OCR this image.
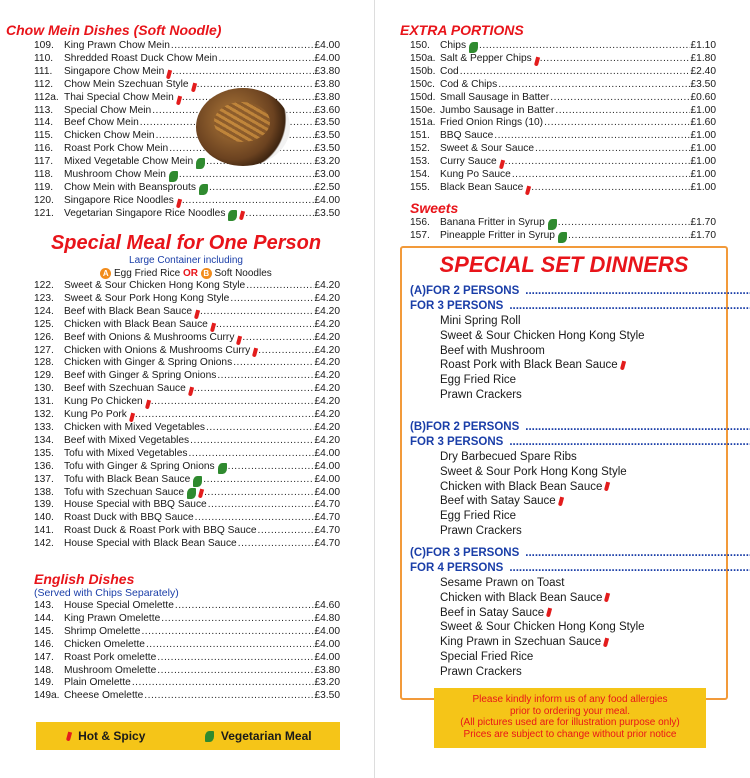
Chow Mein Dishes (Soft Noodle)
109. King Prawn Chow Mein .....	£4.00
110.	Shredded Roast Duck Chow Mein .....	£4.00
111.	Singapore Chow Mein .....	£3.80
112.	Chow Mein Szechuan Style .....	£3.80
112a. Thai Special Chow Mein .....	£3.80
113.	Special Chow Mein .....	£3.60
114.	Beef Chow Mein .....	£3.50
115.	Chicken Chow Mein .....	£3.50
116.	Roast Pork Chow Mein .....	£3.50
117.	Mixed Vegetable Chow Mein .....	£3.20
118.	Mushroom Chow Mein .....	£3.00
119.	Chow Mein with Beansprouts .....	£2.50
120. Singapore Rice Noodles .....	£4.00
121. Vegetarian Singapore Rice Noodles .....	£3.50
Special Meal for One Person
Large Container including
A Egg Fried Rice OR B Soft Noodles
122. Sweet & Sour Chicken Hong Kong Style .....	£4.20
123. Sweet & Sour Pork Hong Kong Style .....	£4.20
124. Beef with Black Bean Sauce .....	£4.20
125. Chicken with Black Bean Sauce .....	£4.20
126. Beef with Onions & Mushrooms Curry .....	£4.20
127. Chicken with Onions & Mushrooms Curry .....	£4.20
128. Chicken with Ginger & Spring Onions .....	£4.20
129. Beef with Ginger & Spring Onions .....	£4.20
130. Beef with Szechuan Sauce .....	£4.20
131. Kung Po Chicken .....	£4.20
132. Kung Po Pork .....	£4.20
133. Chicken with Mixed Vegetables .....	£4.20
134. Beef with Mixed Vegetables .....	£4.20
135. Tofu with Mixed Vegetables .....	£4.00
136. Tofu with Ginger & Spring Onions .....	£4.00
137. Tofu with Black Bean Sauce .....	£4.00
138. Tofu with Szechuan Sauce .....	£4.00
139. House Special with BBQ Sauce .....	£4.70
140. Roast Duck with BBQ Sauce .....	£4.70
141. Roast Duck & Roast Pork with BBQ Sauce .....	£4.70
142. House Special with Black Bean Sauce .....	£4.70
English Dishes
(Served with Chips Separately)
143. House Special Omelette .....	£4.60
144. King Prawn Omelette .....	£4.80
145. Shrimp Omelette .....	£4.00
146. Chicken Omelette .....	£4.00
147. Roast Pork omelette .....	£4.00
148. Mushroom Omelette .....	£3.80
149. Plain Omelette .....	£3.20
149a. Cheese Omelette .....	£3.50
Hot & Spicy	Vegetarian Meal
EXTRA PORTIONS
150. Chips .....	£1.10
150a. Salt & Pepper Chips .....	£1.80
150b. Cod .....	£2.40
150c. Cod & Chips .....	£3.50
150d. Small Sausage in Batter .....	£0.60
150e. Jumbo Sausage in Batter .....	£1.00
151a. Fried Onion Rings (10) .....	£1.60
151. BBQ Sauce .....	£1.00
152. Sweet & Sour Sauce .....	£1.00
153. Curry Sauce .....	£1.00
154. Kung Po Sauce .....	£1.00
155. Black Bean Sauce .....	£1.00
Sweets
156. Banana Fritter in Syrup .....	£1.70
157. Pineapple Fritter in Syrup .....	£1.70
SPECIAL SET DINNERS
(A) FOR 2 PERSONS
.....
FOR 3 PERSONS
.....
Mini Spring Roll
Sweet & Sour Chicken Hong Kong Style
Beef with Mushroom
Roast Pork with Black Bean Sauce
Egg Fried Rice
Prawn Crackers
(B) FOR 2 PERSONS
.....
FOR 3 PERSONS
.....
Dry Barbecued Spare Ribs
Sweet & Sour Pork Hong Kong Style
Chicken with Black Bean Sauce
Beef with Satay Sauce
Egg Fried Rice
Prawn Crackers
(C) FOR 3 PERSONS
.....
FOR 4 PERSONS
.....
Sesame Prawn on Toast
Chicken with Black Bean Sauce
Beef in Satay Sauce
Sweet & Sour Chicken Hong Kong Style
King Prawn in Szechuan Sauce
Special Fried Rice
Prawn Crackers
Please kindly inform us of any food allergies
prior to ordering your meal.
(All pictures used are for illustration purpose only)
Prices are subject to change without prior notice
